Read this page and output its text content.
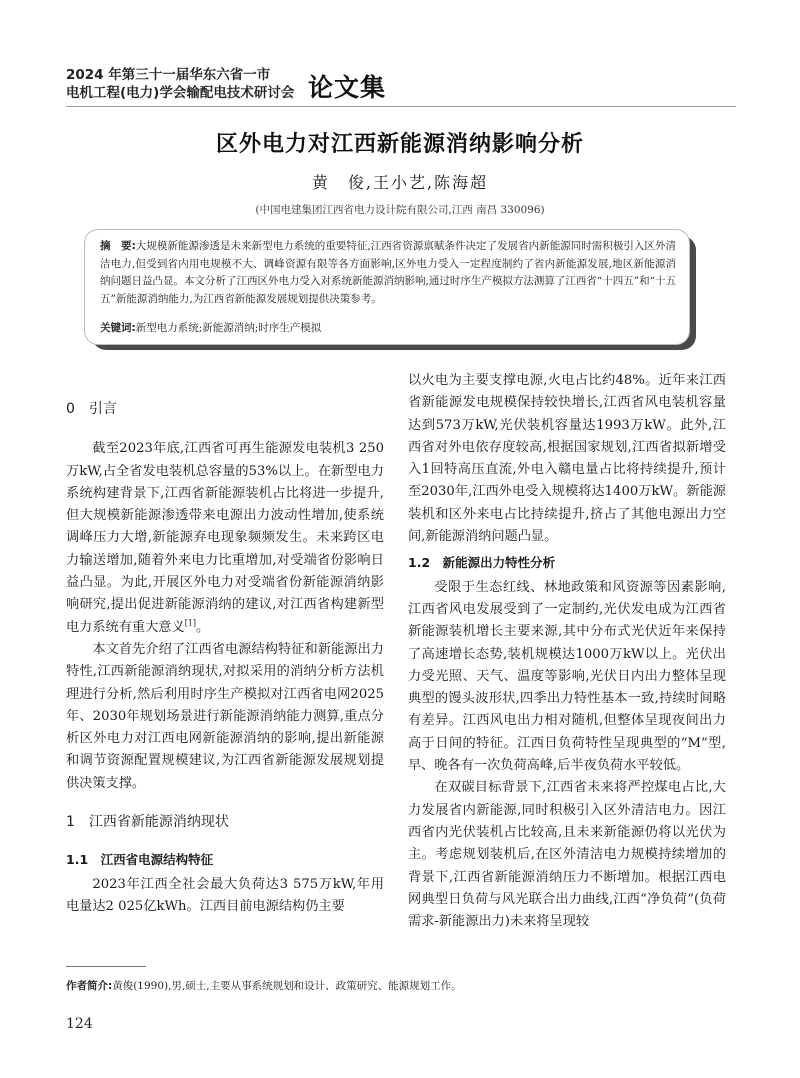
2024 年第三十一届华东六省一市
电机工程(电力)学会输配电技术研讨会 论文集
区外电力对江西新能源消纳影响分析
黄　俊,王小艺,陈海超
(中国电建集团江西省电力设计院有限公司,江西 南昌 330096)
摘　要:大规模新能源渗透是未来新型电力系统的重要特征,江西省资源禀赋条件决定了发展省内新能源同时需积极引入区外清洁电力,但受到省内用电规模不大、调峰资源有限等各方面影响,区外电力受入一定程度制约了省内新能源发展,地区新能源消纳问题日益凸显。本文分析了江西区外电力受入对系统新能源消纳影响,通过时序生产模拟方法测算了江西省“十四五”和“十五五”新能源消纳能力,为江西省新能源发展规划提供决策参考。
关键词:新型电力系统;新能源消纳;时序生产模拟

0　引言

截至2023年底,江西省可再生能源发电装机3 250万kW,占全省发电装机总容量的53%以上。在新型电力系统构建背景下,江西省新能源装机占比将进一步提升,但大规模新能源渗透带来电源出力波动性增加,使系统调峰压力大增,新能源弃电现象频频发生。未来跨区电力输送增加,随着外来电力比重增加,对受端省份影响日益凸显。为此,开展区外电力对受端省份新能源消纳影响研究,提出促进新能源消纳的建议,对江西省构建新型电力系统有重大意义[1]。

本文首先介绍了江西省电源结构特征和新能源出力特性,江西新能源消纳现状,对拟采用的消纳分析方法机理进行分析,然后利用时序生产模拟对江西省电网2025年、2030年规划场景进行新能源消纳能力测算,重点分析区外电力对江西电网新能源消纳的影响,提出新能源和调节资源配置规模建议,为江西省新能源发展规划提供决策支撑。

1　江西省新能源消纳现状

1.1　江西省电源结构特征

2023年江西全社会最大负荷达3 575万kW,年用电量达2 025亿kWh。江西目前电源结构仍主要

以火电为主要支撑电源,火电占比约48%。近年来江西省新能源发电规模保持较快增长,江西省风电装机容量达到573万kW,光伏装机容量达1993万kW。此外,江西省对外电依存度较高,根据国家规划,江西省拟新增受入1回特高压直流,外电入赣电量占比将持续提升,预计至2030年,江西外电受入规模将达1400万kW。新能源装机和区外来电占比持续提升,挤占了其他电源出力空间,新能源消纳问题凸显。

1.2　新能源出力特性分析

受限于生态红线、林地政策和风资源等因素影响,江西省风电发展受到了一定制约,光伏发电成为江西省新能源装机增长主要来源,其中分布式光伏近年来保持了高速增长态势,装机规模达1000万kW以上。光伏出力受光照、天气、温度等影响,光伏日内出力整体呈现典型的馒头波形状,四季出力特性基本一致,持续时间略有差异。江西风电出力相对随机,但整体呈现夜间出力高于日间的特征。江西日负荷特性呈现典型的“M”型,早、晚各有一次负荷高峰,后半夜负荷水平较低。

在双碳目标背景下,江西省未来将严控煤电占比,大力发展省内新能源,同时积极引入区外清洁电力。因江西省内光伏装机占比较高,且未来新能源仍将以光伏为主。考虑规划装机后,在区外清洁电力规模持续增加的背景下,江西省新能源消纳压力不断增加。根据江西电网典型日负荷与风光联合出力曲线,江西“净负荷”(负荷需求-新能源出力)未来将呈现较

作者简介:黄俊(1990),男,硕士,主要从事系统规划和设计、政策研究、能源规划工作。
124
